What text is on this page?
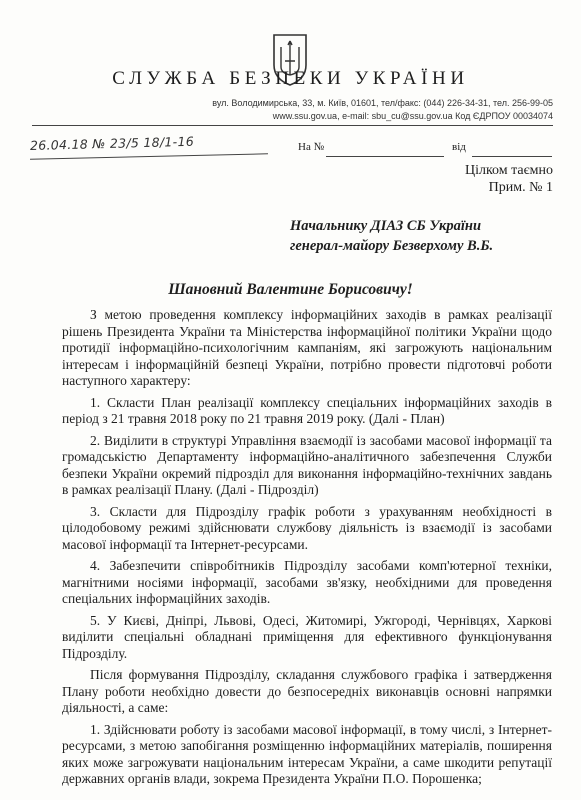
СЛУЖБА БЕЗПЕКИ УКРАЇНИ
вул. Володимирська, 33, м. Київ, 01601, тел/факс: (044) 226-34-31, тел. 256-99-05
www.ssu.gov.ua, e-mail: sbu_cu@ssu.gov.ua Код ЄДРПОУ 00034074
26.04.18 № 23/5 18/1-16	На №	від
Цілком таємно
Прим. № 1
Начальнику ДІАЗ СБ України
генерал-майору Безверхому В.Б.
Шановний Валентине Борисовичу!

З метою проведення комплексу інформаційних заходів в рамках реалізації рішень Президента України та Міністерства інформаційної політики України щодо протидії інформаційно-психологічним кампаніям, які загрожують національним інтересам і інформаційній безпеці України, потрібно провести підготовчі роботи наступного характеру:

1. Скласти План реалізації комплексу спеціальних інформаційних заходів в період з 21 травня 2018 року по 21 травня 2019 року. (Далі - План)

2. Виділити в структурі Управління взаємодії із засобами масової інформації та громадськістю Департаменту інформаційно-аналітичного забезпечення Служби безпеки України окремий підрозділ для виконання інформаційно-технічних завдань в рамках реалізації Плану. (Далі - Підрозділ)

3. Скласти для Підрозділу графік роботи з урахуванням необхідності в цілодобовому режимі здійснювати службову діяльність із взаємодії із засобами масової інформації та Інтернет-ресурсами.

4. Забезпечити співробітників Підрозділу засобами комп'ютерної техніки, магнітними носіями інформації, засобами зв'язку, необхідними для проведення спеціальних інформаційних заходів.

5. У Києві, Дніпрі, Львові, Одесі, Житомирі, Ужгороді, Чернівцях, Харкові виділити спеціальні обладнані приміщення для ефективного функціонування Підрозділу.

Після формування Підрозділу, складання службового графіка і затвердження Плану роботи необхідно довести до безпосередніх виконавців основні напрямки діяльності, а саме:

1. Здійснювати роботу із засобами масової інформації, в тому числі, з Інтернет-ресурсами, з метою запобігання розміщенню інформаційних матеріалів, поширення яких може загрожувати національним інтересам України, а саме шкодити репутації державних органів влади, зокрема Президента України П.О. Порошенка;
